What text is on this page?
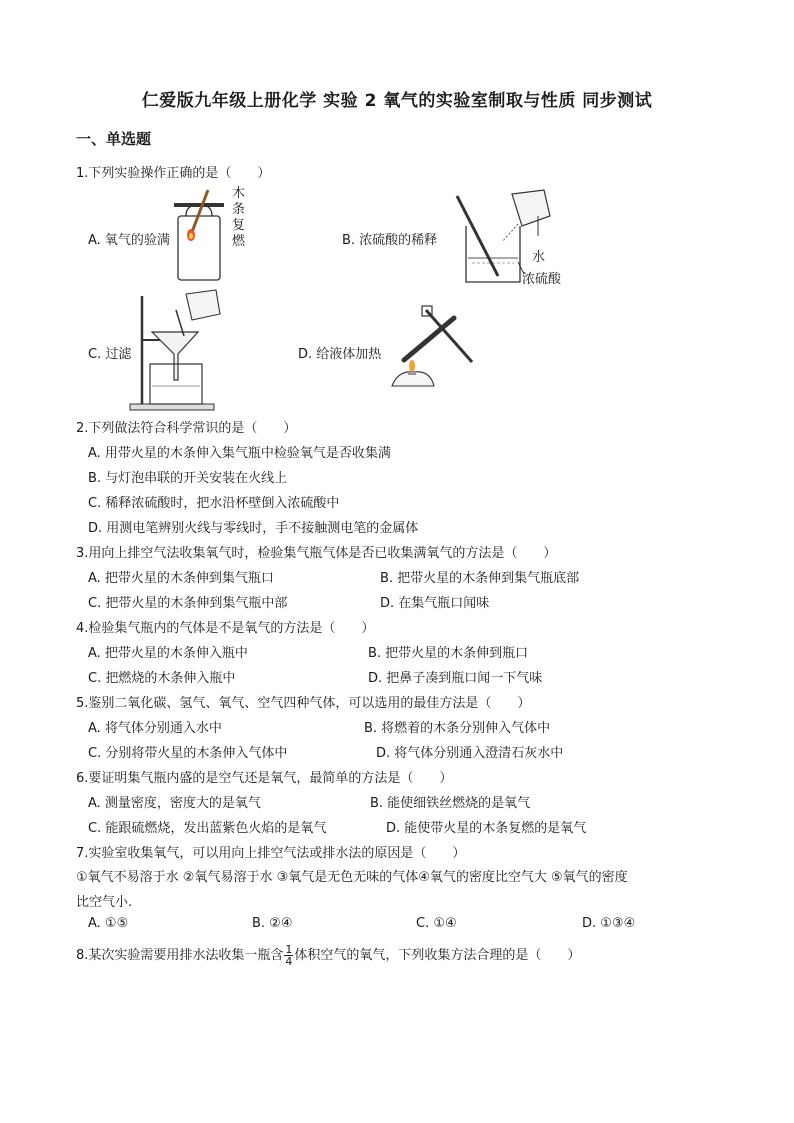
仁爱版九年级上册化学 实验 2 氧气的实验室制取与性质 同步测试
一、单选题
1.下列实验操作正确的是（　　）
A. 氧气的验满
木
条
复
燃	B. 浓硫酸的稀释
水
浓硫酸
C. 过滤	D. 给液体加热
2.下列做法符合科学常识的是（　　）
A. 用带火星的木条伸入集气瓶中检验氧气是否收集满
B. 与灯泡串联的开关安装在火线上
C. 稀释浓硫酸时，把水沿杯壁倒入浓硫酸中
D. 用测电笔辨别火线与零线时，手不接触测电笔的金属体
3.用向上排空气法收集氧气时，检验集气瓶气体是否已收集满氧气的方法是（　　）
A. 把带火星的木条伸到集气瓶口	B. 把带火星的木条伸到集气瓶底部
C. 把带火星的木条伸到集气瓶中部	D. 在集气瓶口闻味
4.检验集气瓶内的气体是不是氧气的方法是（　　）
A. 把带火星的木条伸入瓶中	B. 把带火星的木条伸到瓶口
C. 把燃烧的木条伸入瓶中	D. 把鼻子凑到瓶口闻一下气味
5.鉴别二氧化碳、氢气、氧气、空气四种气体，可以选用的最佳方法是（　　）
A. 将气体分别通入水中	B. 将燃着的木条分别伸入气体中
C. 分别将带火星的木条伸入气体中	D. 将气体分别通入澄清石灰水中
6.要证明集气瓶内盛的是空气还是氧气，最简单的方法是（　　）
A. 测量密度，密度大的是氧气	B. 能使细铁丝燃烧的是氧气
C. 能跟硫燃烧，发出蓝紫色火焰的是氧气	D. 能使带火星的木条复燃的是氧气
7.实验室收集氧气，可以用向上排空气法或排水法的原因是（　　）
①氧气不易溶于水 ②氧气易溶于水 ③氧气是无色无味的气体④氧气的密度比空气大 ⑤氧气的密度
比空气小.
A. ①⑤	B. ②④	C. ①④	D. ①③④
8.某次实验需要用排水法收集一瓶含 $\frac{1}{4}$ 体积空气的氧气，下列收集方法合理的是（　　）
